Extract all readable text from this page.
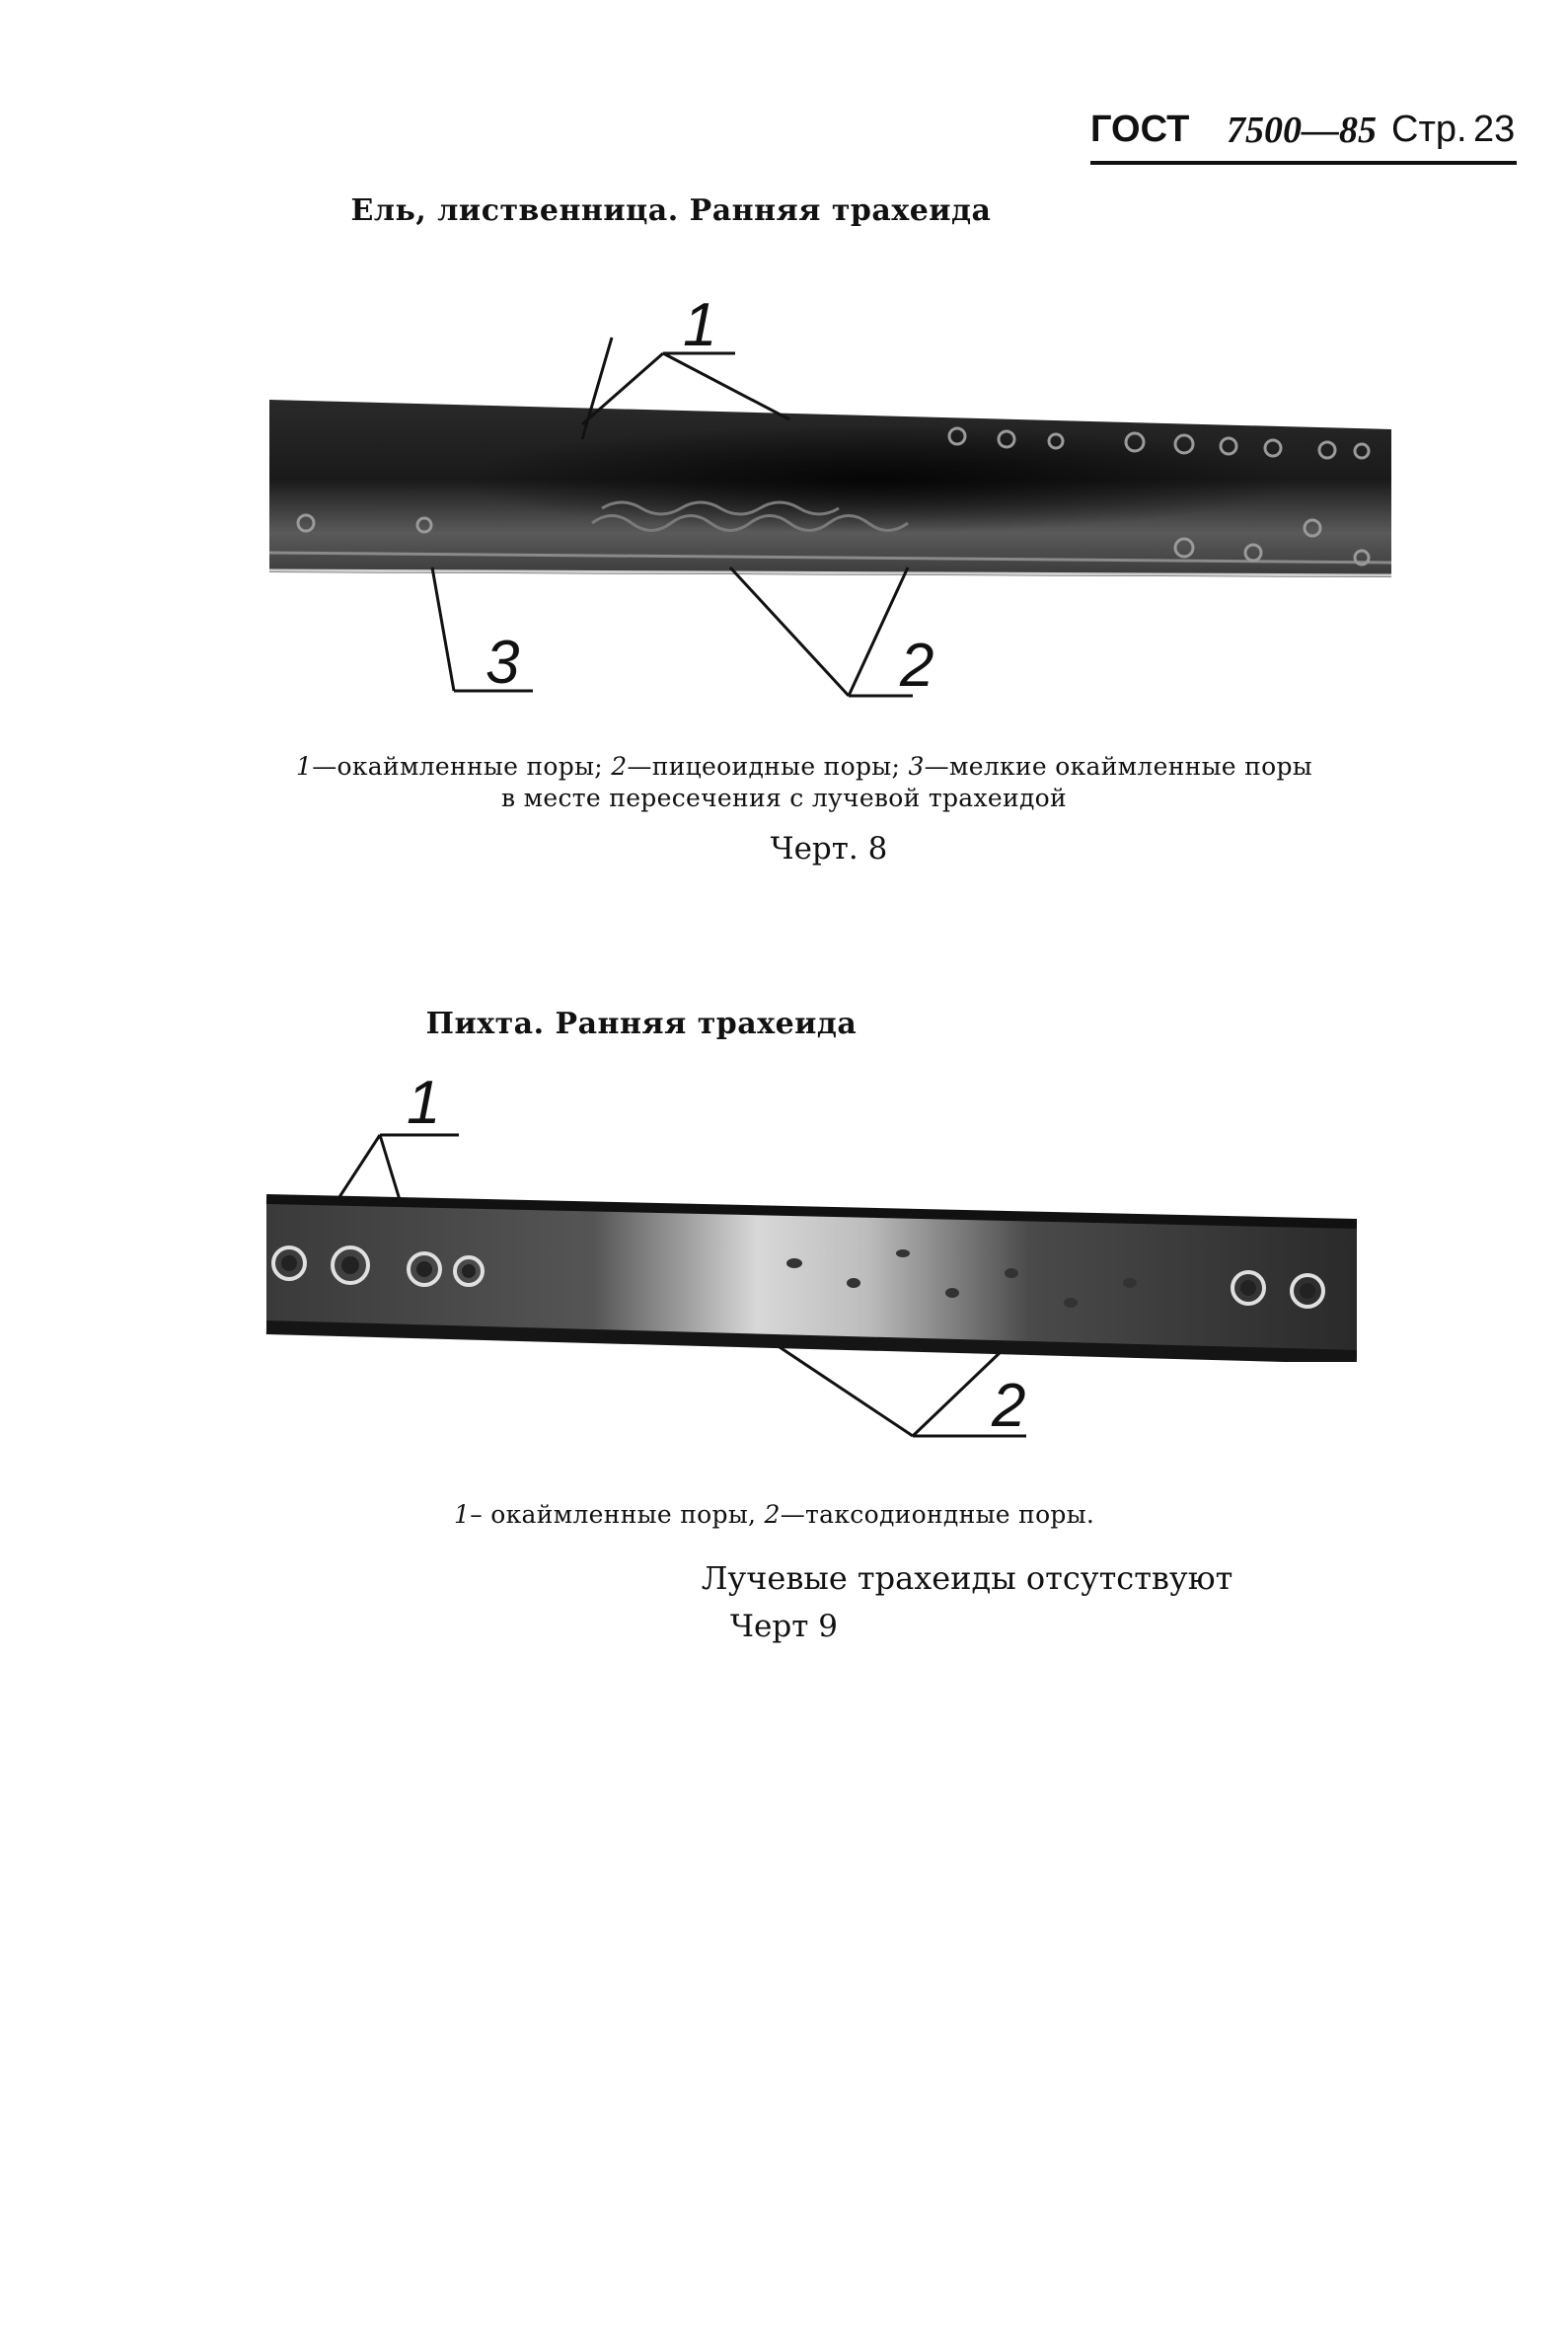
ГОСТ 7500—85 Стр. 23
Ель, лиственница. Ранняя трахеида
1
2
3
1
2
1—окаймленные поры; 2—пицеоидные поры; 3—мелкие окаймленные поры
в месте пересечения с лучевой трахеидой
Черт. 8
Пихта. Ранняя трахеида
1– окаймленные поры, 2—таксодиондные поры.
Лучевые трахеиды отсутствуют
Черт 9
